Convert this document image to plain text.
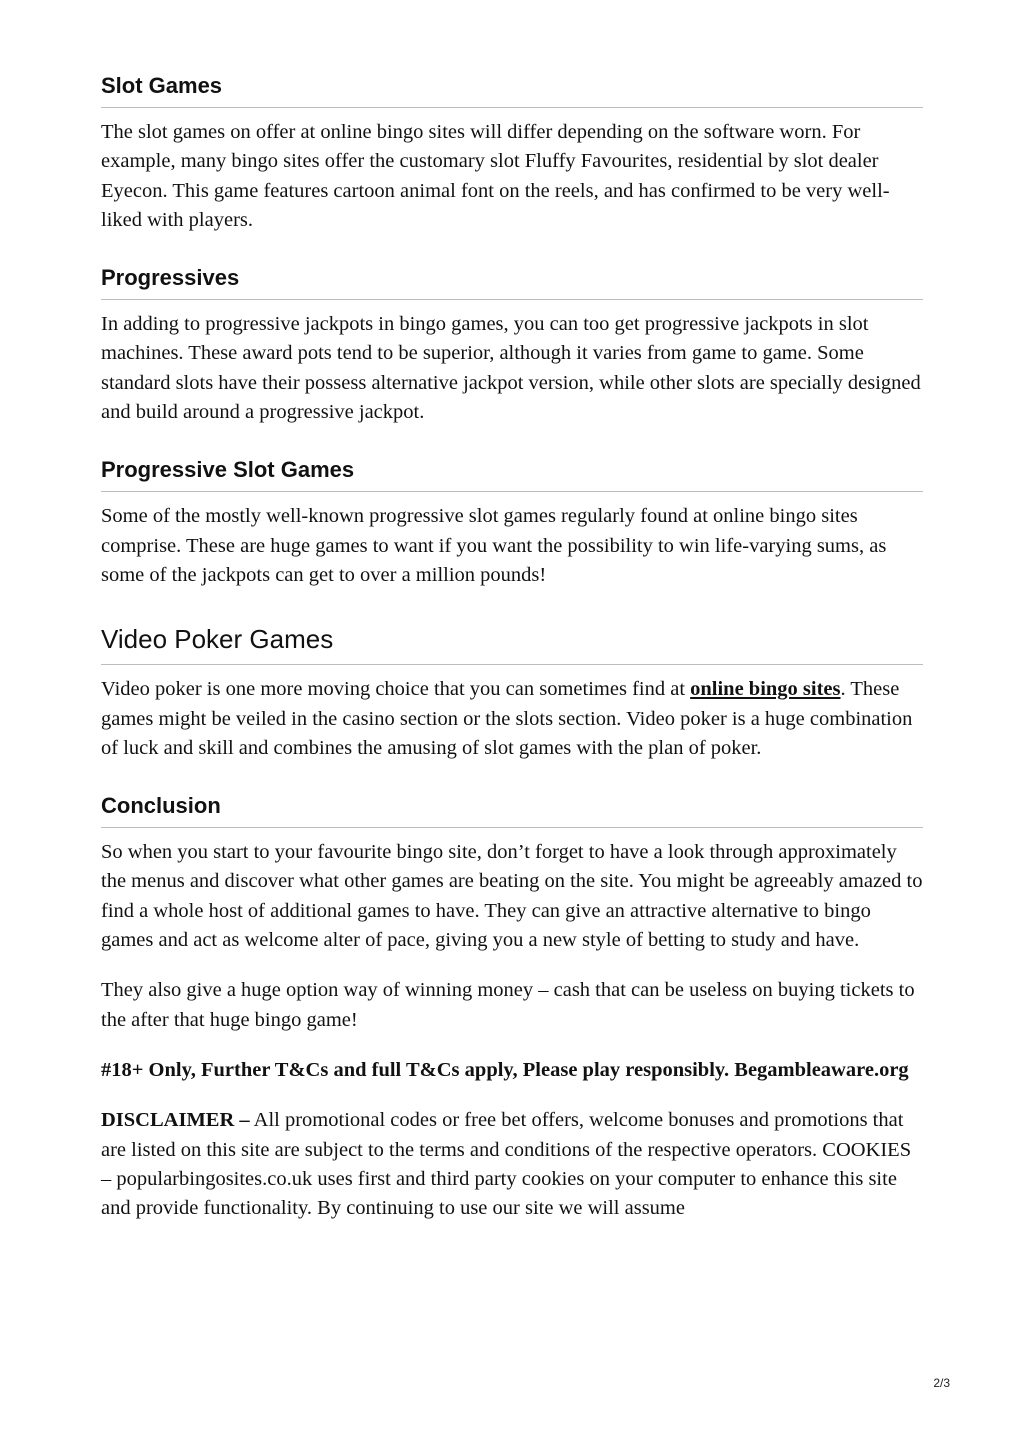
Slot Games

The slot games on offer at online bingo sites will differ depending on the software worn. For example, many bingo sites offer the customary slot Fluffy Favourites, residential by slot dealer Eyecon. This game features cartoon animal font on the reels, and has confirmed to be very well-liked with players.

Progressives

In adding to progressive jackpots in bingo games, you can too get progressive jackpots in slot machines. These award pots tend to be superior, although it varies from game to game. Some standard slots have their possess alternative jackpot version, while other slots are specially designed and build around a progressive jackpot.

Progressive Slot Games

Some of the mostly well-known progressive slot games regularly found at online bingo sites comprise. These are huge games to want if you want the possibility to win life-varying sums, as some of the jackpots can get to over a million pounds!

Video Poker Games

Video poker is one more moving choice that you can sometimes find at online bingo sites. These games might be veiled in the casino section or the slots section. Video poker is a huge combination of luck and skill and combines the amusing of slot games with the plan of poker.

Conclusion

So when you start to your favourite bingo site, don’t forget to have a look through approximately the menus and discover what other games are beating on the site. You might be agreeably amazed to find a whole host of additional games to have. They can give an attractive alternative to bingo games and act as welcome alter of pace, giving you a new style of betting to study and have.

They also give a huge option way of winning money – cash that can be useless on buying tickets to the after that huge bingo game!

#18+ Only, Further T&Cs and full T&Cs apply, Please play responsibly. Begambleaware.org

DISCLAIMER – All promotional codes or free bet offers, welcome bonuses and promotions that are listed on this site are subject to the terms and conditions of the respective operators. COOKIES – popularbingosites.co.uk uses first and third party cookies on your computer to enhance this site and provide functionality. By continuing to use our site we will assume

2/3
